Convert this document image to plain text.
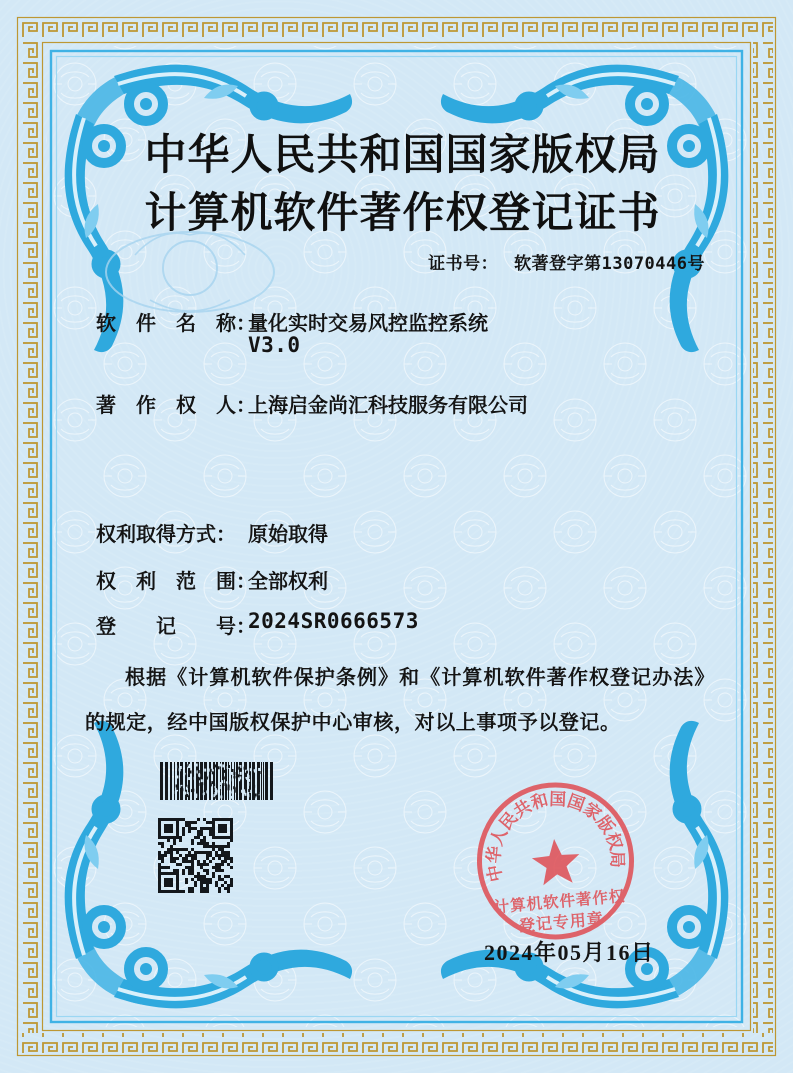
中华人民共和国国家版权局
计算机软件著作权
登记专用章
中华人民共和国国家版权局
计算机软件著作权登记证书
证书号： 软著登字第13070446号
软　件　名　称：
量化实时交易风控监控系统
V3.0
著　作　权　人：
上海启金尚汇科技服务有限公司
权利取得方式： 原始取得
权　利　范　围：
全部权利
登　　记　　号：
2024SR0666573
根据《计算机软件保护条例》和《计算机软件著作权登记办法》的规定，经中国版权保护中心审核，对以上事项予以登记。
2024年05月16日
